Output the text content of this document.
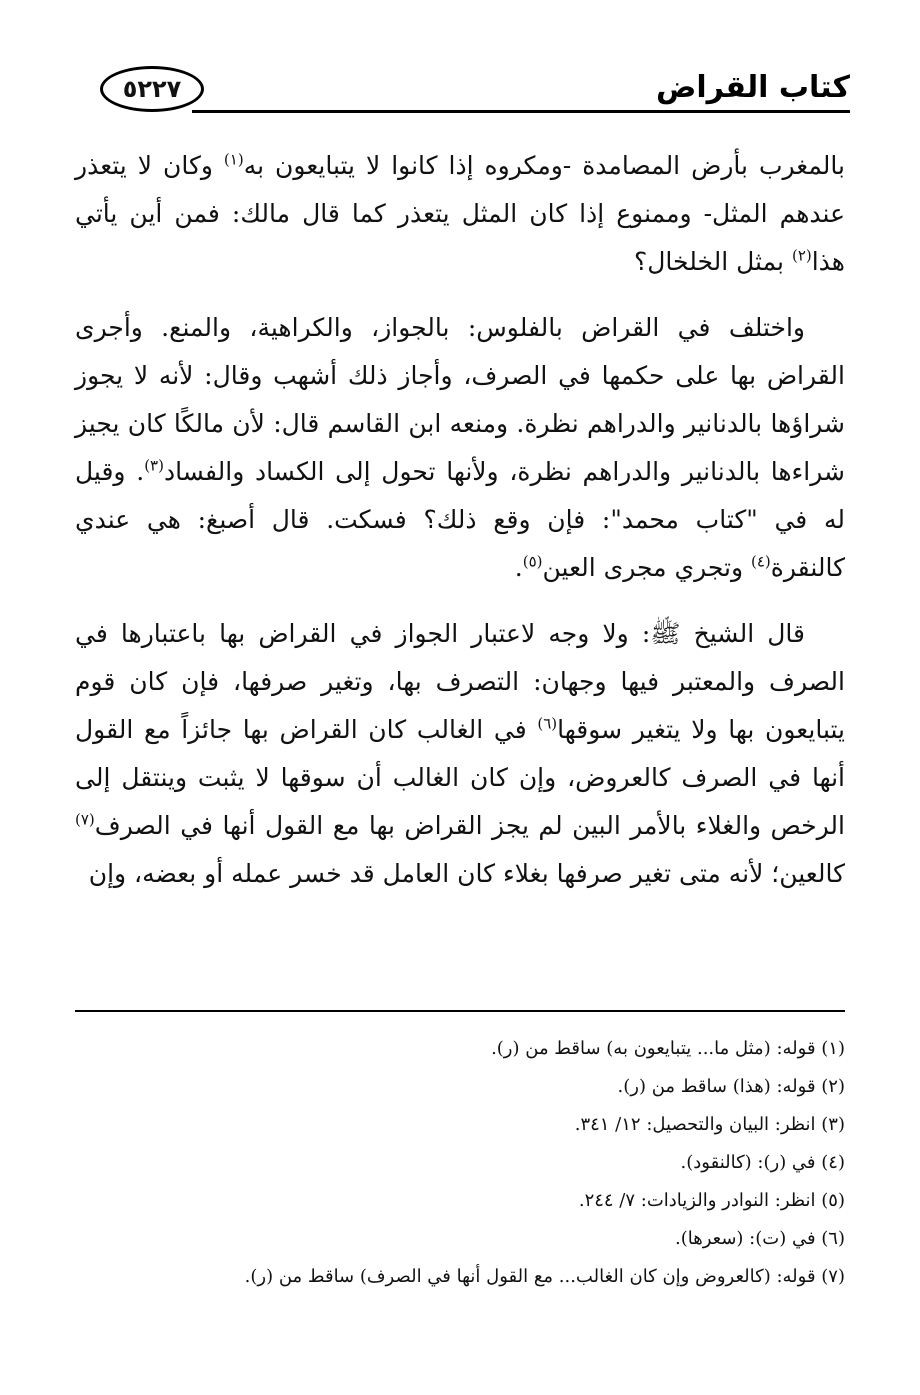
كتاب القراض
٥٢٢٧

بالمغرب بأرض المصامدة -ومكروه إذا كانوا لا يتبايعون به$^{(١)}$ وكان لا يتعذر عندهم المثل- وممنوع إذا كان المثل يتعذر كما قال مالك: فمن أين يأتي هذا$^{(٢)}$ بمثل الخلخال؟

واختلف في القراض بالفلوس: بالجواز، والكراهية، والمنع. وأجرى القراض بها على حكمها في الصرف، وأجاز ذلك أشهب وقال: لأنه لا يجوز شراؤها بالدنانير والدراهم نظرة. ومنعه ابن القاسم قال: لأن مالكًا كان يجيز شراءها بالدنانير والدراهم نظرة، ولأنها تحول إلى الكساد والفساد$^{(٣)}$. وقيل له في "كتاب محمد": فإن وقع ذلك؟ فسكت. قال أصبغ: هي عندي كالنقرة$^{(٤)}$ وتجري مجرى العين$^{(٥)}$.

قال الشيخ ﷺ: ولا وجه لاعتبار الجواز في القراض بها باعتبارها في الصرف والمعتبر فيها وجهان: التصرف بها، وتغير صرفها، فإن كان قوم يتبايعون بها ولا يتغير سوقها$^{(٦)}$ في الغالب كان القراض بها جائزاً مع القول أنها في الصرف كالعروض، وإن كان الغالب أن سوقها لا يثبت وينتقل إلى الرخص والغلاء بالأمر البين لم يجز القراض بها مع القول أنها في الصرف$^{(٧)}$ كالعين؛ لأنه متى تغير صرفها بغلاء كان العامل قد خسر عمله أو بعضه، وإن

(١) قوله: (مثل ما... يتبايعون به) ساقط من (ر).
(٢) قوله: (هذا) ساقط من (ر).
(٣) انظر: البيان والتحصيل: ١٢/ ٣٤١.
(٤) في (ر): (كالنقود).
(٥) انظر: النوادر والزيادات: ٧/ ٢٤٤.
(٦) في (ت): (سعرها).
(٧) قوله: (كالعروض وإن كان الغالب... مع القول أنها في الصرف) ساقط من (ر).
